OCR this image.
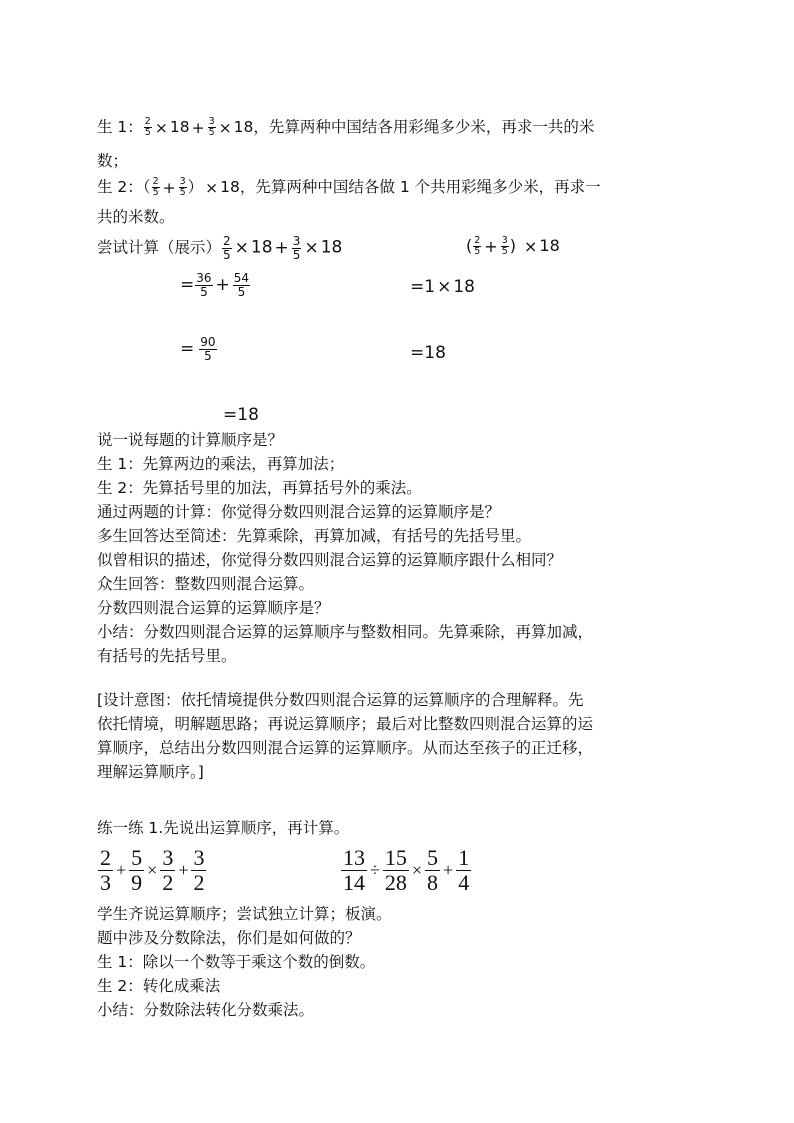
生 1： $\frac{2}{5} \times 18 + \frac{3}{5} \times 18$，先算两种中国结各用彩绳多少米，再求一共的米
数；
生 2：（ $\frac{2}{5} + \frac{3}{5}$ ） × 18，先算两种中国结各做 1 个共用彩绳多少米，再求一
共的米数。
尝试计算（展示） $\frac{2}{5} \times 18 + \frac{3}{5} \times 18$	( $\frac{2}{5} + \frac{3}{5}$ ) × 18
= $\frac{36}{5} + \frac{54}{5}$	=1 × 18
= $\frac{90}{5}$	=18
=18
说一说每题的计算顺序是？
生 1：先算两边的乘法，再算加法；
生 2：先算括号里的加法，再算括号外的乘法。
通过两题的计算：你觉得分数四则混合运算的运算顺序是？
多生回答达至简述：先算乘除，再算加减，有括号的先括号里。
似曾相识的描述，你觉得分数四则混合运算的运算顺序跟什么相同？
众生回答：整数四则混合运算。
分数四则混合运算的运算顺序是？
小结：分数四则混合运算的运算顺序与整数相同。先算乘除，再算加减，
有括号的先括号里。
[设计意图：依托情境提供分数四则混合运算的运算顺序的合理解释。先
依托情境，明解题思路；再说运算顺序；最后对比整数四则混合运算的运
算顺序，总结出分数四则混合运算的运算顺序。从而达至孩子的正迁移，
理解运算顺序。]
练一练 1.先说出运算顺序，再计算。
$\frac{2}{3} + \frac{5}{9} \times \frac{3}{2} + \frac{3}{2}$	$\frac{13}{14} \div \frac{15}{28} \times \frac{5}{8} + \frac{1}{4}$
学生齐说运算顺序；尝试独立计算；板演。
题中涉及分数除法，你们是如何做的？
生 1：除以一个数等于乘这个数的倒数。
生 2：转化成乘法
小结：分数除法转化分数乘法。
